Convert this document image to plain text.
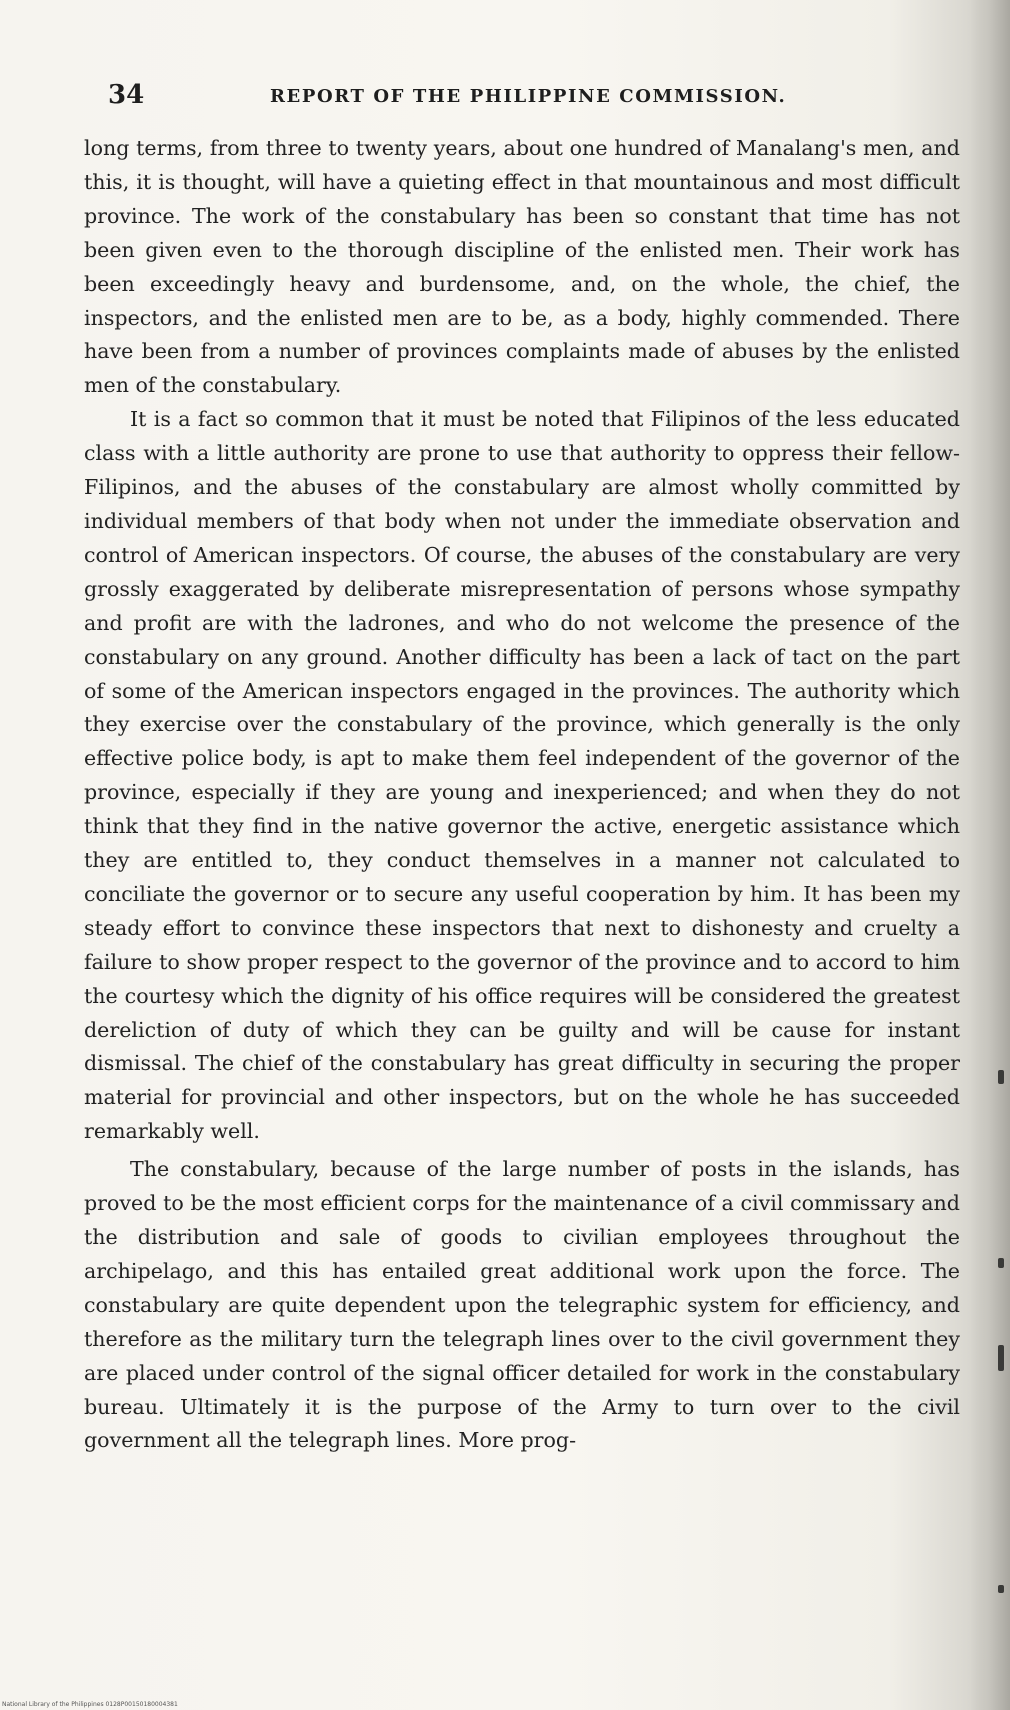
34	REPORT OF THE PHILIPPINE COMMISSION.

long terms, from three to twenty years, about one hundred of Manalang's men, and this, it is thought, will have a quieting effect in that mountainous and most difficult province. The work of the constabulary has been so constant that time has not been given even to the thorough discipline of the enlisted men. Their work has been exceedingly heavy and burdensome, and, on the whole, the chief, the inspectors, and the enlisted men are to be, as a body, highly commended. There have been from a number of provinces complaints made of abuses by the enlisted men of the constabulary.

It is a fact so common that it must be noted that Filipinos of the less educated class with a little authority are prone to use that authority to oppress their fellow-Filipinos, and the abuses of the constabulary are almost wholly committed by individual members of that body when not under the immediate observation and control of American inspectors. Of course, the abuses of the constabulary are very grossly exaggerated by deliberate misrepresentation of persons whose sympathy and profit are with the ladrones, and who do not welcome the presence of the constabulary on any ground. Another difficulty has been a lack of tact on the part of some of the American inspectors engaged in the provinces. The authority which they exercise over the constabulary of the province, which generally is the only effective police body, is apt to make them feel independent of the governor of the province, especially if they are young and inexperienced; and when they do not think that they find in the native governor the active, energetic assistance which they are entitled to, they conduct themselves in a manner not calculated to conciliate the governor or to secure any useful cooperation by him. It has been my steady effort to convince these inspectors that next to dishonesty and cruelty a failure to show proper respect to the governor of the province and to accord to him the courtesy which the dignity of his office requires will be considered the greatest dereliction of duty of which they can be guilty and will be cause for instant dismissal. The chief of the constabulary has great difficulty in securing the proper material for provincial and other inspectors, but on the whole he has succeeded remarkably well.

The constabulary, because of the large number of posts in the islands, has proved to be the most efficient corps for the maintenance of a civil commissary and the distribution and sale of goods to civilian employees throughout the archipelago, and this has entailed great additional work upon the force. The constabulary are quite dependent upon the telegraphic system for efficiency, and therefore as the military turn the telegraph lines over to the civil government they are placed under control of the signal officer detailed for work in the constabulary bureau. Ultimately it is the purpose of the Army to turn over to the civil government all the telegraph lines. More prog-

National Library of the Philippines 0128P00150180004381
